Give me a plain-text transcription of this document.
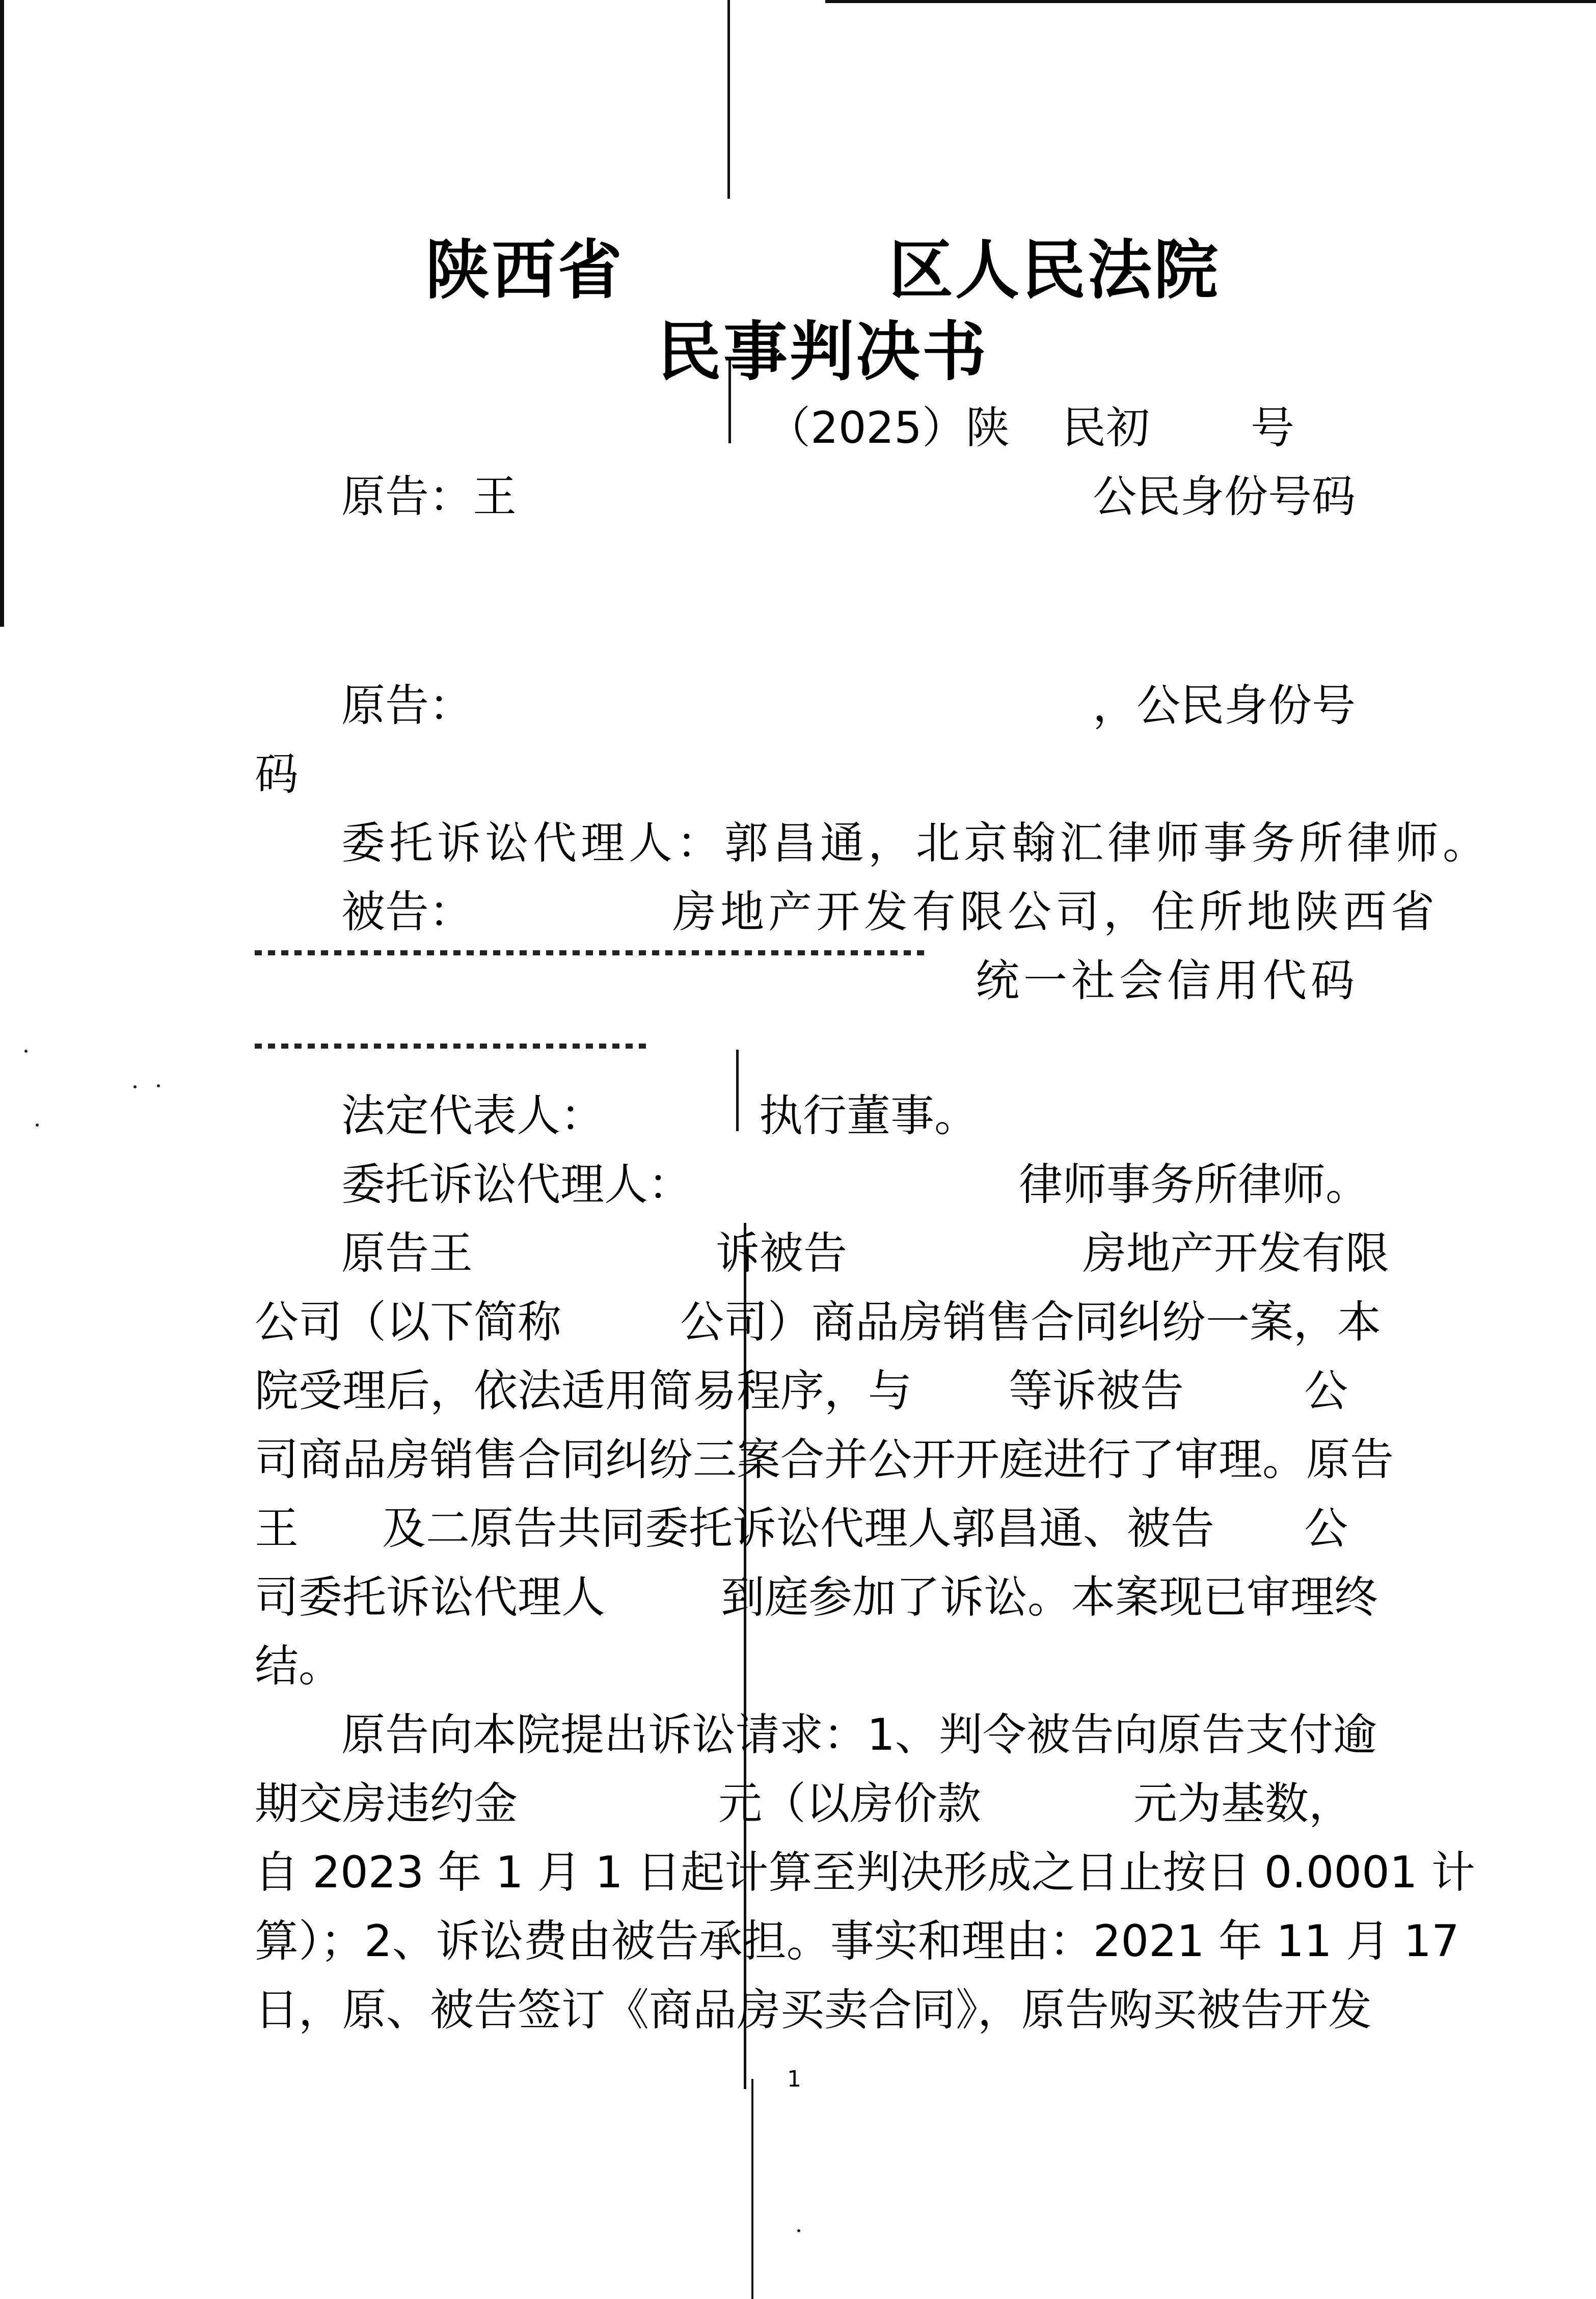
陕西省	区人民法院
民事判决书
（2025）陕 民初 号
原告：王	公民身份号码
原告：	，公民身份号
码
委托诉讼代理人：郭昌通，北京翰汇律师事务所律师。
被告：	房地产开发有限公司，住所地陕西省
统一社会信用代码
法定代表人：	执行董事。
委托诉讼代理人：	律师事务所律师。
原告王	诉被告	房地产开发有限
公司（以下简称	公司）商品房销售合同纠纷一案，本
院受理后，依法适用简易程序，与 等诉被告	公
司商品房销售合同纠纷三案合并公开开庭进行了审理。原告
王 及二原告共同委托诉讼代理人郭昌通、被告 公
司委托诉讼代理人	到庭参加了诉讼。本案现已审理终
结。
原告向本院提出诉讼请求：1、判令被告向原告支付逾
期交房违约金	元（以房价款	元为基数，
自 2023 年 1 月 1 日起计算至判决形成之日止按日 0.0001 计
算）；2、诉讼费由被告承担。事实和理由：2021 年 11 月 17
日，原、被告签订《商品房买卖合同》，原告购买被告开发
1
